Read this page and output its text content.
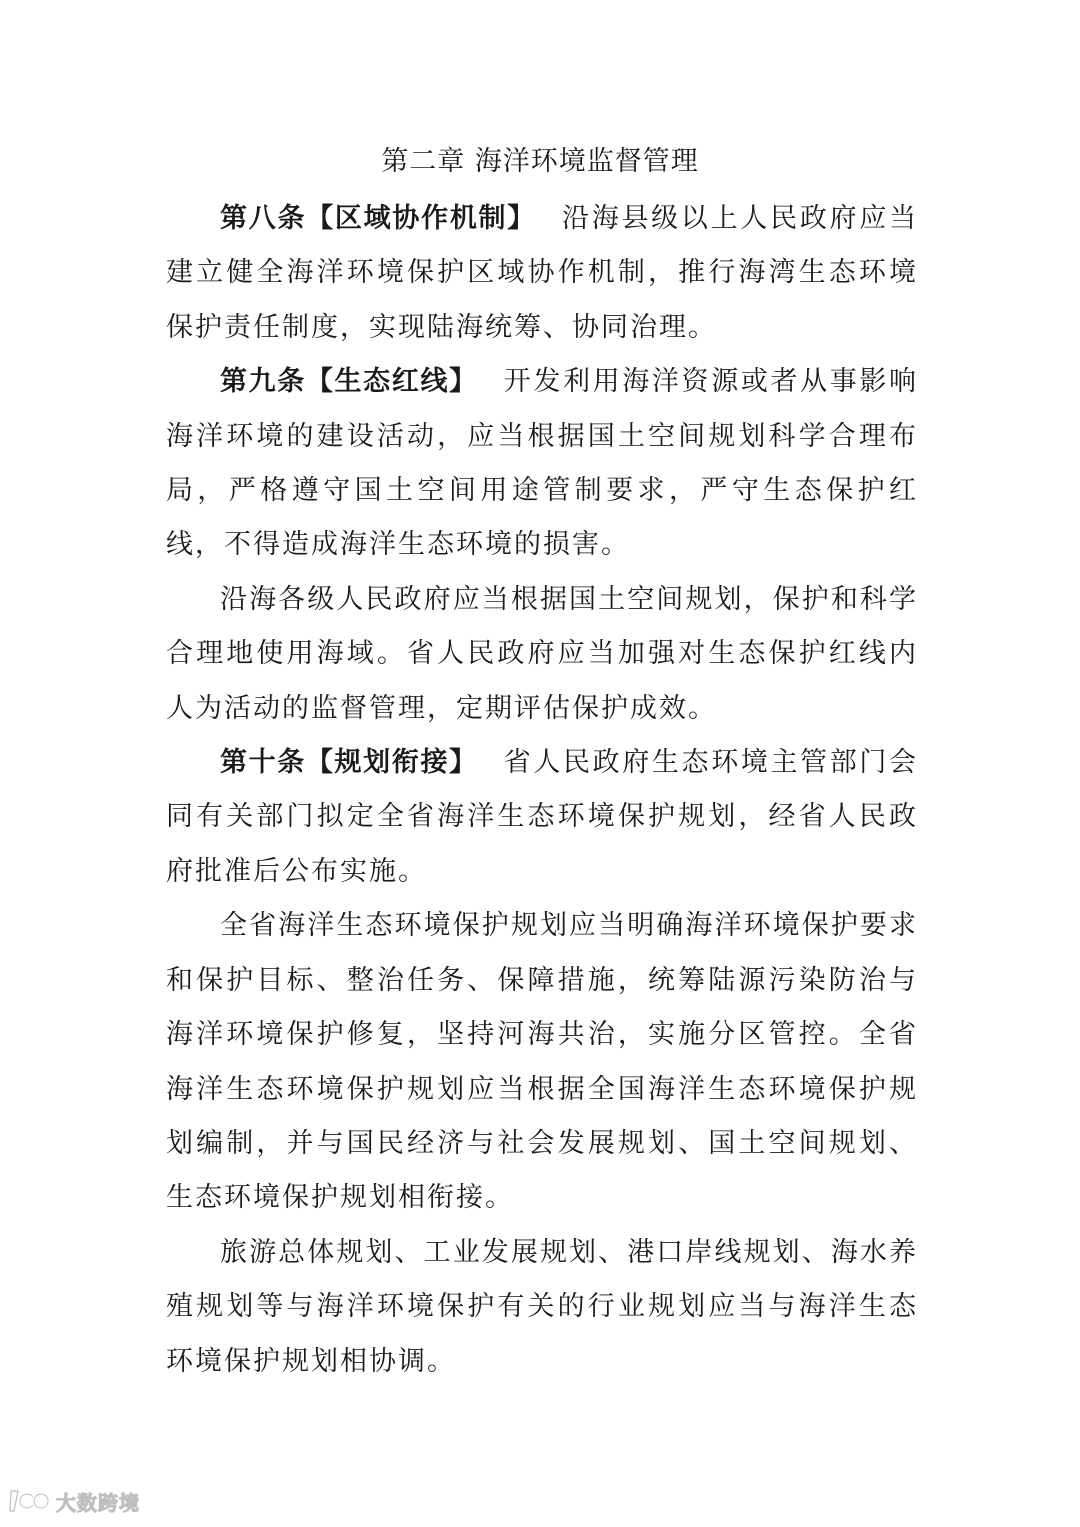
第二章 海洋环境监督管理

第八条【区域协作机制】 沿海县级以上人民政府应当建立健全海洋环境保护区域协作机制，推行海湾生态环境保护责任制度，实现陆海统筹、协同治理。

第九条【生态红线】 开发利用海洋资源或者从事影响海洋环境的建设活动，应当根据国土空间规划科学合理布局，严格遵守国土空间用途管制要求，严守生态保护红线，不得造成海洋生态环境的损害。

沿海各级人民政府应当根据国土空间规划，保护和科学合理地使用海域。省人民政府应当加强对生态保护红线内人为活动的监督管理，定期评估保护成效。

第十条【规划衔接】 省人民政府生态环境主管部门会同有关部门拟定全省海洋生态环境保护规划，经省人民政府批准后公布实施。

全省海洋生态环境保护规划应当明确海洋环境保护要求和保护目标、整治任务、保障措施，统筹陆源污染防治与海洋环境保护修复，坚持河海共治，实施分区管控。全省海洋生态环境保护规划应当根据全国海洋生态环境保护规划编制，并与国民经济与社会发展规划、国土空间规划、生态环境保护规划相衔接。

旅游总体规划、工业发展规划、港口岸线规划、海水养殖规划等与海洋环境保护有关的行业规划应当与海洋生态环境保护规划相协调。

大数跨境
